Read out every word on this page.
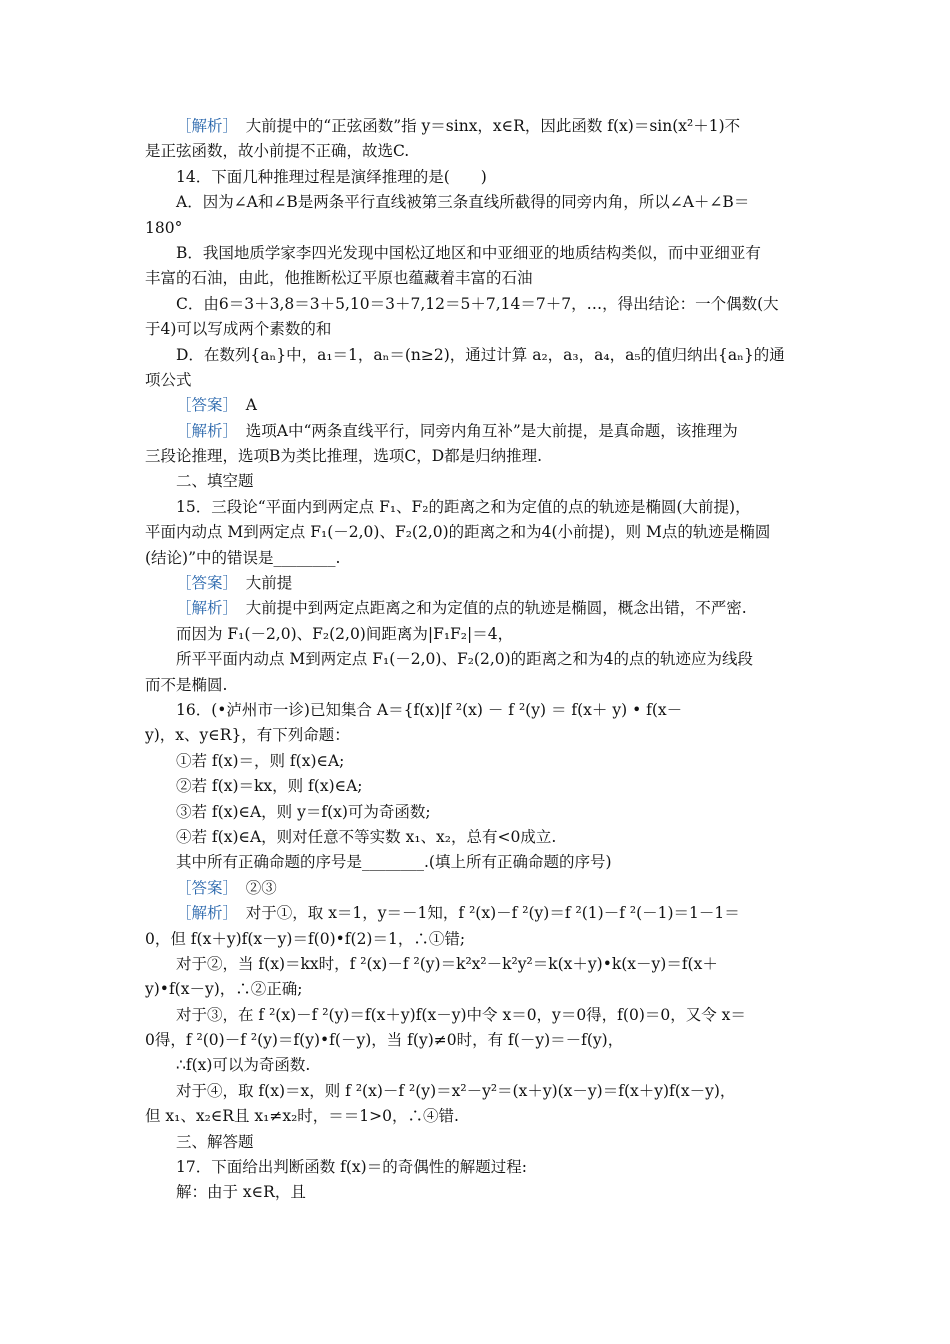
［解析］　大前提中的“正弦函数”指 y＝sinx，x∈R，因此函数 f(x)＝sin(x²＋1)不
是正弦函数，故小前提不正确，故选C.
14．下面几种推理过程是演绎推理的是(　　)
A．因为∠A和∠B是两条平行直线被第三条直线所截得的同旁内角，所以∠A＋∠B＝
180°
B．我国地质学家李四光发现中国松辽地区和中亚细亚的地质结构类似，而中亚细亚有
丰富的石油，由此，他推断松辽平原也蕴藏着丰富的石油
C．由6＝3＋3,8＝3＋5,10＝3＋7,12＝5＋7,14＝7＋7，…，得出结论：一个偶数(大
于4)可以写成两个素数的和
D．在数列{aₙ}中，a₁＝1，aₙ＝(n≥2)，通过计算 a₂，a₃，a₄，a₅的值归纳出{aₙ}的通
项公式
［答案］　A
［解析］　选项A中“两条直线平行，同旁内角互补”是大前提，是真命题，该推理为
三段论推理，选项B为类比推理，选项C，D都是归纳推理.
二、填空题
15．三段论“平面内到两定点 F₁、F₂的距离之和为定值的点的轨迹是椭圆(大前提)，
平面内动点 M到两定点 F₁(－2,0)、F₂(2,0)的距离之和为4(小前提)，则 M点的轨迹是椭圆
(结论)”中的错误是________.
［答案］　大前提
［解析］　大前提中到两定点距离之和为定值的点的轨迹是椭圆，概念出错，不严密.
而因为 F₁(－2,0)、F₂(2,0)间距离为|F₁F₂|＝4，
所平平面内动点 M到两定点 F₁(－2,0)、F₂(2,0)的距离之和为4的点的轨迹应为线段
而不是椭圆.
16．(•泸州市一诊)已知集合 A＝{f(x)|f ²(x) － f ²(y) ＝ f(x＋ y) • f(x－
y)，x、y∈R}，有下列命题：
①若 f(x)＝，则 f(x)∈A;
②若 f(x)＝kx，则 f(x)∈A;
③若 f(x)∈A，则 y＝f(x)可为奇函数;
④若 f(x)∈A，则对任意不等实数 x₁、x₂，总有<0成立.
其中所有正确命题的序号是________.(填上所有正确命题的序号)
［答案］　②③
［解析］　对于①，取 x＝1，y＝－1知，f ²(x)－f ²(y)＝f ²(1)－f ²(－1)＝1－1＝
0，但 f(x＋y)f(x－y)＝f(0)•f(2)＝1，∴①错;
对于②，当 f(x)＝kx时，f ²(x)－f ²(y)＝k²x²－k²y²＝k(x＋y)•k(x－y)＝f(x＋
y)•f(x－y)，∴②正确;
对于③，在 f ²(x)－f ²(y)＝f(x＋y)f(x－y)中令 x＝0，y＝0得，f(0)＝0，又令 x＝
0得，f ²(0)－f ²(y)＝f(y)•f(－y)，当 f(y)≠0时，有 f(－y)＝－f(y)，
∴f(x)可以为奇函数.
对于④，取 f(x)＝x，则 f ²(x)－f ²(y)＝x²－y²＝(x＋y)(x－y)＝f(x＋y)f(x－y)，
但 x₁、x₂∈R且 x₁≠x₂时，＝＝1>0，∴④错.
三、解答题
17．下面给出判断函数 f(x)＝的奇偶性的解题过程:
解：由于 x∈R，且
